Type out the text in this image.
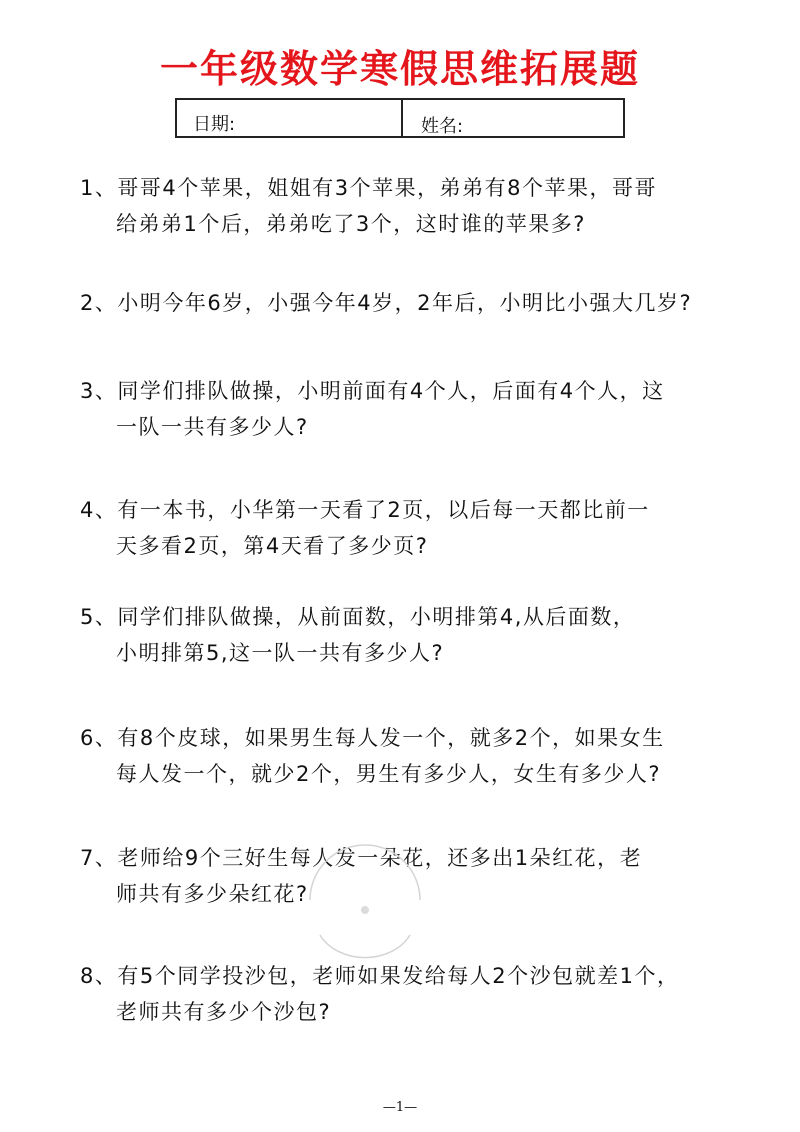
一年级数学寒假思维拓展题
日期:	姓名:
1、哥哥4个苹果，姐姐有3个苹果，弟弟有8个苹果，哥哥
给弟弟1个后，弟弟吃了3个，这时谁的苹果多?
2、小明今年6岁，小强今年4岁，2年后，小明比小强大几岁?
3、同学们排队做操，小明前面有4个人，后面有4个人，这
一队一共有多少人?
4、有一本书，小华第一天看了2页，以后每一天都比前一
天多看2页，第4天看了多少页?
5、同学们排队做操，从前面数，小明排第4,从后面数，
小明排第5,这一队一共有多少人?
6、有8个皮球，如果男生每人发一个，就多2个，如果女生
每人发一个，就少2个，男生有多少人，女生有多少人?
7、老师给9个三好生每人发一朵花，还多出1朵红花，老
师共有多少朵红花?
8、有5个同学投沙包，老师如果发给每人2个沙包就差1个，
老师共有多少个沙包?
—1—
